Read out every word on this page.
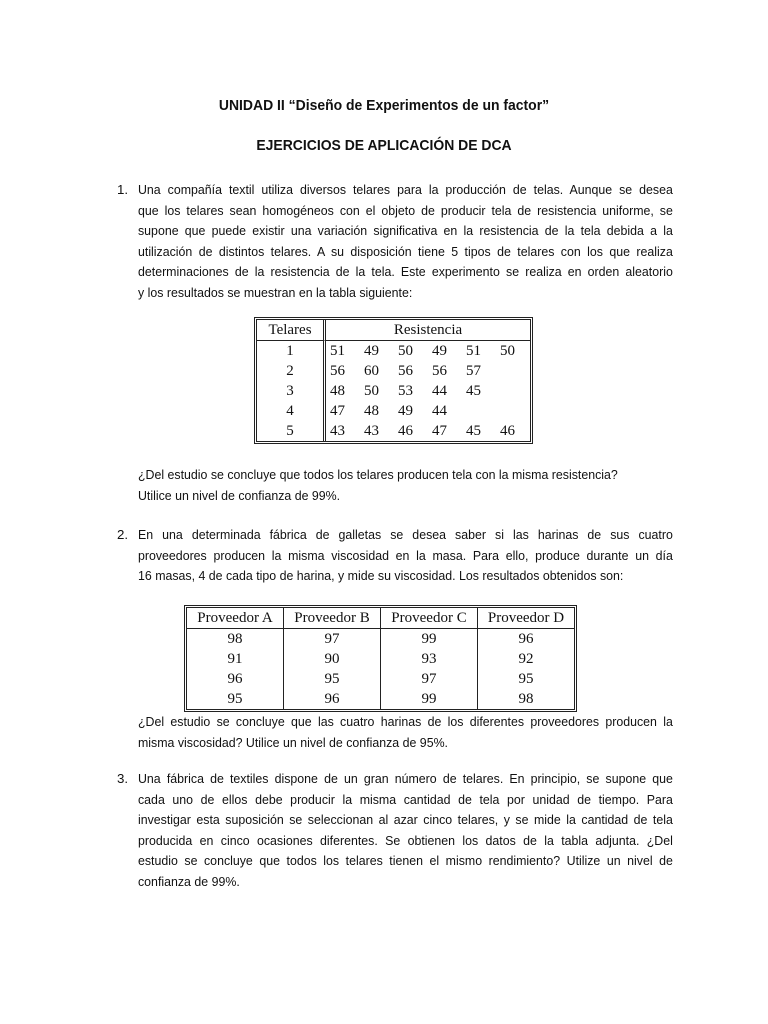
UNIDAD II “Diseño de Experimentos de un factor”
EJERCICIOS DE APLICACIÓN DE DCA
1. Una compañía textil utiliza diversos telares para la producción de telas. Aunque se desea
que los telares sean homogéneos con el objeto de producir tela de resistencia uniforme, se
supone que puede existir una variación significativa en la resistencia de la tela debida a la
utilización de distintos telares. A su disposición tiene 5 tipos de telares con los que realiza
determinaciones de la resistencia de la tela. Este experimento se realiza en orden aleatorio
y los resultados se muestran en la tabla siguiente:
Telares	Resistencia					
1	51	49	50	49	51	50
2	56	60	56	56	57	
3	48	50	53	44	45	
4	47	48	49	44		
5	43	43	46	47	45	46
¿Del estudio se concluye que todos los telares producen tela con la misma resistencia?
Utilice un nivel de confianza de 99%.
2. En una determinada fábrica de galletas se desea saber si las harinas de sus cuatro
proveedores producen la misma viscosidad en la masa. Para ello, produce durante un día
16 masas, 4 de cada tipo de harina, y mide su viscosidad. Los resultados obtenidos son:
Proveedor A	Proveedor B	Proveedor C	Proveedor D
98	97	99	96
91	90	93	92
96	95	97	95
95	96	99	98
¿Del estudio se concluye que las cuatro harinas de los diferentes proveedores producen la
misma viscosidad? Utilice un nivel de confianza de 95%.
3. Una fábrica de textiles dispone de un gran número de telares. En principio, se supone que
cada uno de ellos debe producir la misma cantidad de tela por unidad de tiempo. Para
investigar esta suposición se seleccionan al azar cinco telares, y se mide la cantidad de tela
producida en cinco ocasiones diferentes. Se obtienen los datos de la tabla adjunta. ¿Del
estudio se concluye que todos los telares tienen el mismo rendimiento? Utilize un nivel de
confianza de 99%.
